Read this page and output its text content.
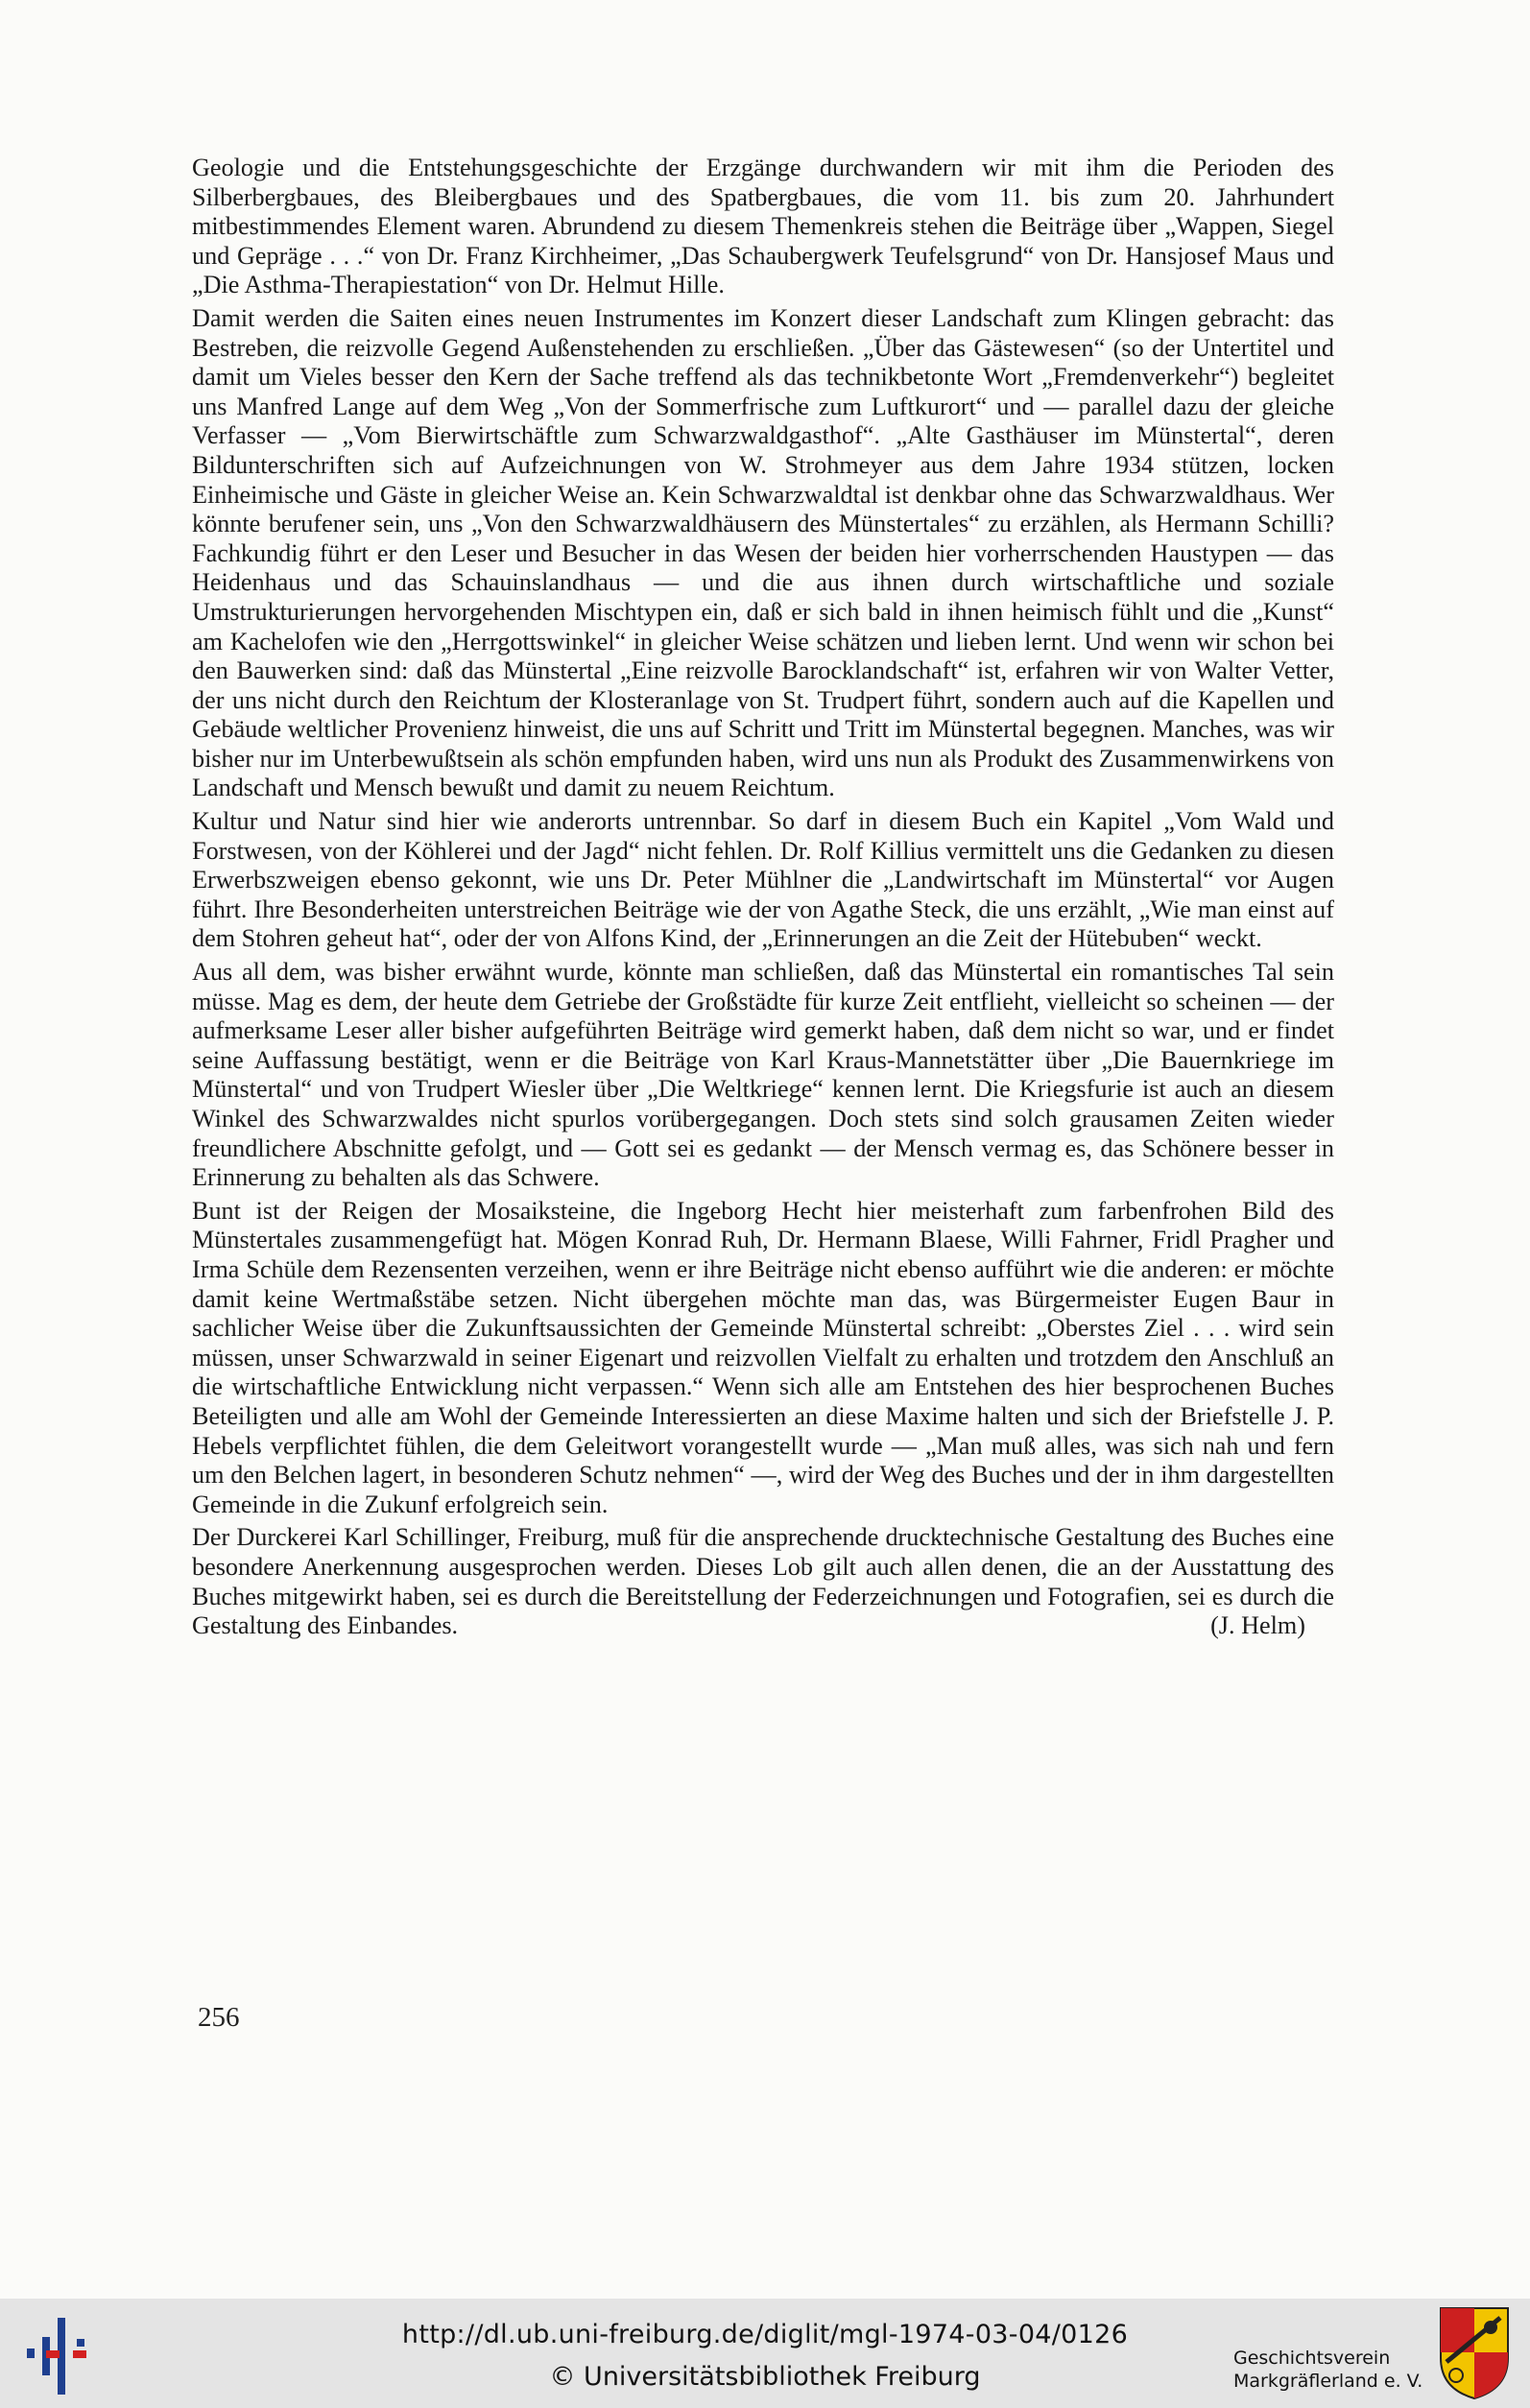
Geologie und die Entstehungsgeschichte der Erzgänge durchwandern wir mit ihm die Perioden des Silberbergbaues, des Bleibergbaues und des Spatbergbaues, die vom 11. bis zum 20. Jahrhundert mitbestimmendes Element waren. Abrundend zu diesem Themenkreis stehen die Beiträge über „Wappen, Siegel und Gepräge . . .“ von Dr. Franz Kirchheimer, „Das Schaubergwerk Teufelsgrund“ von Dr. Hansjosef Maus und „Die Asthma-Therapiestation“ von Dr. Helmut Hille.

Damit werden die Saiten eines neuen Instrumentes im Konzert dieser Landschaft zum Klingen gebracht: das Bestreben, die reizvolle Gegend Außenstehenden zu erschließen. „Über das Gästewesen“ (so der Untertitel und damit um Vieles besser den Kern der Sache treffend als das technikbetonte Wort „Fremdenverkehr“) begleitet uns Manfred Lange auf dem Weg „Von der Sommerfrische zum Luftkurort“ und — parallel dazu der gleiche Verfasser — „Vom Bierwirtschäftle zum Schwarzwaldgasthof“. „Alte Gasthäuser im Münstertal“, deren Bildunterschriften sich auf Aufzeichnungen von W. Strohmeyer aus dem Jahre 1934 stützen, locken Einheimische und Gäste in gleicher Weise an. Kein Schwarzwaldtal ist denkbar ohne das Schwarzwaldhaus. Wer könnte berufener sein, uns „Von den Schwarzwaldhäusern des Münstertales“ zu erzählen, als Hermann Schilli? Fachkundig führt er den Leser und Besucher in das Wesen der beiden hier vorherrschenden Haustypen — das Heidenhaus und das Schauinslandhaus — und die aus ihnen durch wirtschaftliche und soziale Umstrukturierungen hervorgehenden Mischtypen ein, daß er sich bald in ihnen heimisch fühlt und die „Kunst“ am Kachelofen wie den „Herrgottswinkel“ in gleicher Weise schätzen und lieben lernt. Und wenn wir schon bei den Bauwerken sind: daß das Münstertal „Eine reizvolle Barocklandschaft“ ist, erfahren wir von Walter Vetter, der uns nicht durch den Reichtum der Klosteranlage von St. Trudpert führt, sondern auch auf die Kapellen und Gebäude weltlicher Provenienz hinweist, die uns auf Schritt und Tritt im Münstertal begegnen. Manches, was wir bisher nur im Unterbewußtsein als schön empfunden haben, wird uns nun als Produkt des Zusammenwirkens von Landschaft und Mensch bewußt und damit zu neuem Reichtum.

Kultur und Natur sind hier wie anderorts untrennbar. So darf in diesem Buch ein Kapitel „Vom Wald und Forstwesen, von der Köhlerei und der Jagd“ nicht fehlen. Dr. Rolf Killius vermittelt uns die Gedanken zu diesen Erwerbszweigen ebenso gekonnt, wie uns Dr. Peter Mühlner die „Landwirtschaft im Münstertal“ vor Augen führt. Ihre Besonderheiten unterstreichen Beiträge wie der von Agathe Steck, die uns erzählt, „Wie man einst auf dem Stohren geheut hat“, oder der von Alfons Kind, der „Erinnerungen an die Zeit der Hütebuben“ weckt.

Aus all dem, was bisher erwähnt wurde, könnte man schließen, daß das Münstertal ein romantisches Tal sein müsse. Mag es dem, der heute dem Getriebe der Großstädte für kurze Zeit entflieht, vielleicht so scheinen — der aufmerksame Leser aller bisher aufgeführten Beiträge wird gemerkt haben, daß dem nicht so war, und er findet seine Auffassung bestätigt, wenn er die Beiträge von Karl Kraus-Mannetstätter über „Die Bauernkriege im Münstertal“ und von Trudpert Wiesler über „Die Weltkriege“ kennen lernt. Die Kriegsfurie ist auch an diesem Winkel des Schwarzwaldes nicht spurlos vorübergegangen. Doch stets sind solch grausamen Zeiten wieder freundlichere Abschnitte gefolgt, und — Gott sei es gedankt — der Mensch vermag es, das Schönere besser in Erinnerung zu behalten als das Schwere.

Bunt ist der Reigen der Mosaiksteine, die Ingeborg Hecht hier meisterhaft zum farbenfrohen Bild des Münstertales zusammengefügt hat. Mögen Konrad Ruh, Dr. Hermann Blaese, Willi Fahrner, Fridl Pragher und Irma Schüle dem Rezensenten verzeihen, wenn er ihre Beiträge nicht ebenso aufführt wie die anderen: er möchte damit keine Wertmaßstäbe setzen. Nicht übergehen möchte man das, was Bürgermeister Eugen Baur in sachlicher Weise über die Zukunftsaussichten der Gemeinde Münstertal schreibt: „Oberstes Ziel . . . wird sein müssen, unser Schwarzwald in seiner Eigenart und reizvollen Vielfalt zu erhalten und trotzdem den Anschluß an die wirtschaftliche Entwicklung nicht verpassen.“ Wenn sich alle am Entstehen des hier besprochenen Buches Beteiligten und alle am Wohl der Gemeinde Interessierten an diese Maxime halten und sich der Briefstelle J. P. Hebels verpflichtet fühlen, die dem Geleitwort vorangestellt wurde — „Man muß alles, was sich nah und fern um den Belchen lagert, in besonderen Schutz nehmen“ —, wird der Weg des Buches und der in ihm dargestellten Gemeinde in die Zukunf erfolgreich sein.

Der Durckerei Karl Schillinger, Freiburg, muß für die ansprechende drucktechnische Gestaltung des Buches eine besondere Anerkennung ausgesprochen werden. Dieses Lob gilt auch allen denen, die an der Ausstattung des Buches mitgewirkt haben, sei es durch die Bereitstellung der Federzeichnungen und Fotografien, sei es durch die Gestaltung des Einbandes.	(J. Helm)

256
http://dl.ub.uni-freiburg.de/diglit/mgl-1974-03-04/0126
© Universitätsbibliothek Freiburg
Geschichtsverein
Markgräflerland e. V.
